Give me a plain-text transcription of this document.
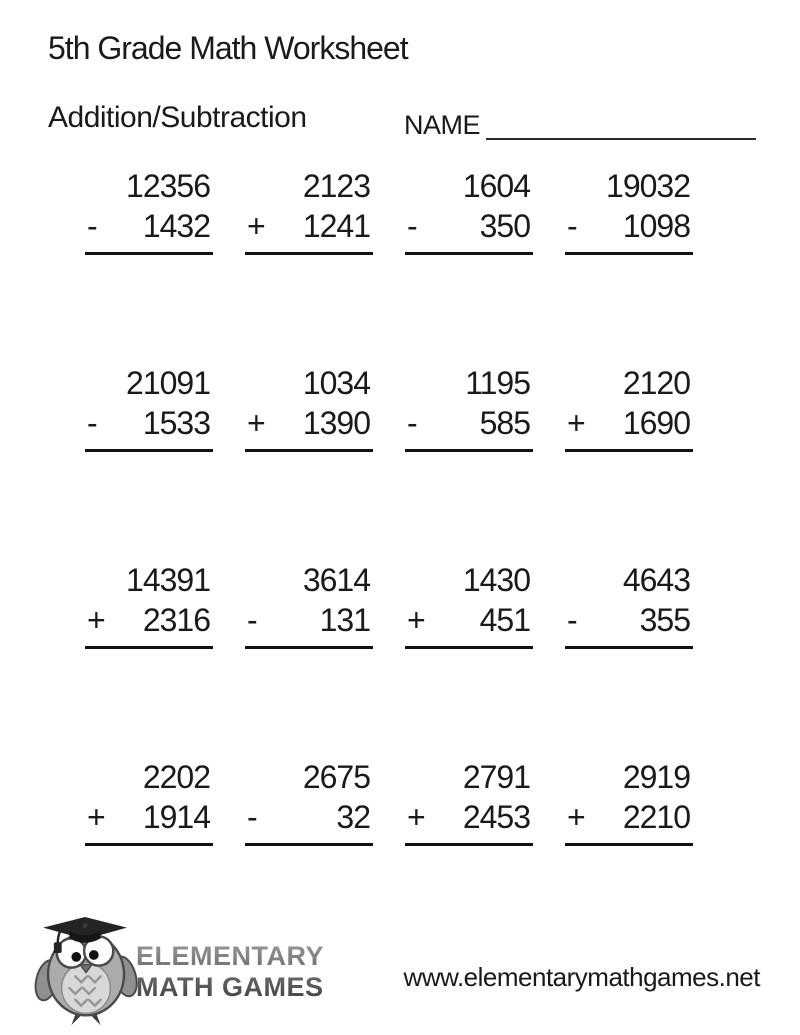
5th Grade Math Worksheet
Addition/Subtraction	NAME
12356
- 1432
2123
+ 1241
1604
- 350
19032
- 1098
21091
- 1533
1034
+ 1390
1195
- 585
2120
+ 1690
14391
+ 2316
3614
- 131
1430
+ 451
4643
- 355
2202
+ 1914
2675
- 32
2791
+ 2453
2919
+ 2210
ELEMENTARY
MATH GAMES	www.elementarymathgames.net
